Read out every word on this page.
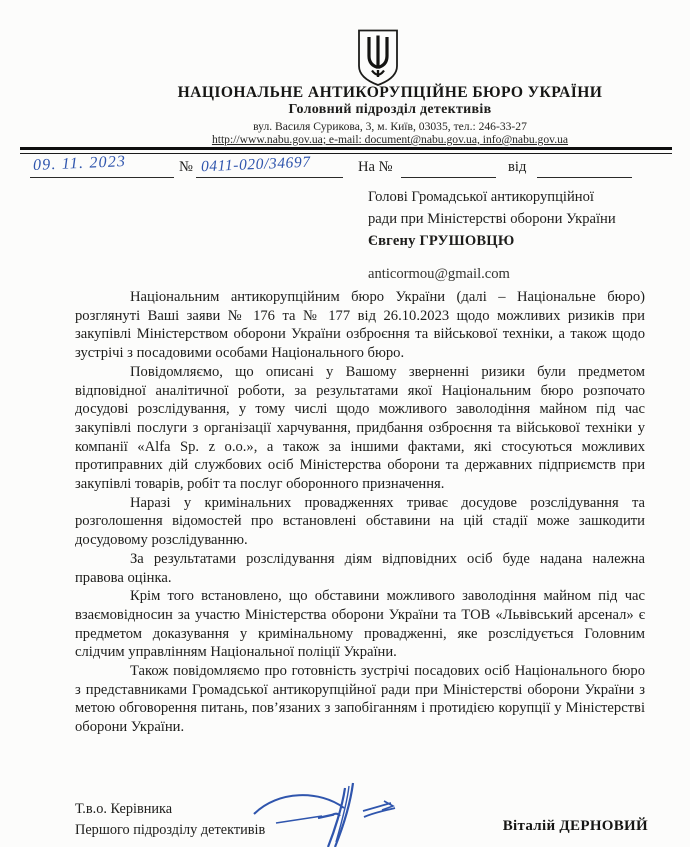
НАЦІОНАЛЬНЕ АНТИКОРУПЦІЙНЕ БЮРО УКРАЇНИ
Головний підрозділ детективів
вул. Василя Сурикова, 3, м. Київ, 03035, тел.: 246-33-27
http://www.nabu.gov.ua; e-mail: document@nabu.gov.ua, info@nabu.gov.ua
09. 11. 2023	№ 0411-020/34697	На №	від
Голові Громадської антикорупційної
ради при Міністерстві оборони України
Євгену ГРУШОВЦЮ
anticormou@gmail.com

Національним антикорупційним бюро України (далі – Національне бюро) розглянуті Ваші заяви № 176 та № 177 від 26.10.2023 щодо можливих ризиків при закупівлі Міністерством оборони України озброєння та військової техніки, а також щодо зустрічі з посадовими особами Національного бюро.

Повідомляємо, що описані у Вашому зверненні ризики були предметом відповідної аналітичної роботи, за результатами якої Національним бюро розпочато досудові розслідування, у тому числі щодо можливого заволодіння майном під час закупівлі послуги з організації харчування, придбання озброєння та військової техніки у компанії «Alfa Sp. z o.o.», а також за іншими фактами, які стосуються можливих протиправних дій службових осіб Міністерства оборони та державних підприємств при закупівлі товарів, робіт та послуг оборонного призначення.

Наразі у кримінальних провадженнях триває досудове розслідування та розголошення відомостей про встановлені обставини на цій стадії може зашкодити досудовому розслідуванню.

За результатами розслідування діям відповідних осіб буде надана належна правова оцінка.

Крім того встановлено, що обставини можливого заволодіння майном під час взаємовідносин за участю Міністерства оборони України та ТОВ «Львівський арсенал» є предметом доказування у кримінальному провадженні, яке розслідується Головним слідчим управлінням Національної поліції України.

Також повідомляємо про готовність зустрічі посадових осіб Національного бюро з представниками Громадської антикорупційної ради при Міністерстві оборони України з метою обговорення питань, пов’язаних з запобіганням і протидією корупції у Міністерстві оборони України.

Т.в.о. Керівника
Першого підрозділу детективів	Віталій ДЕРНОВИЙ
